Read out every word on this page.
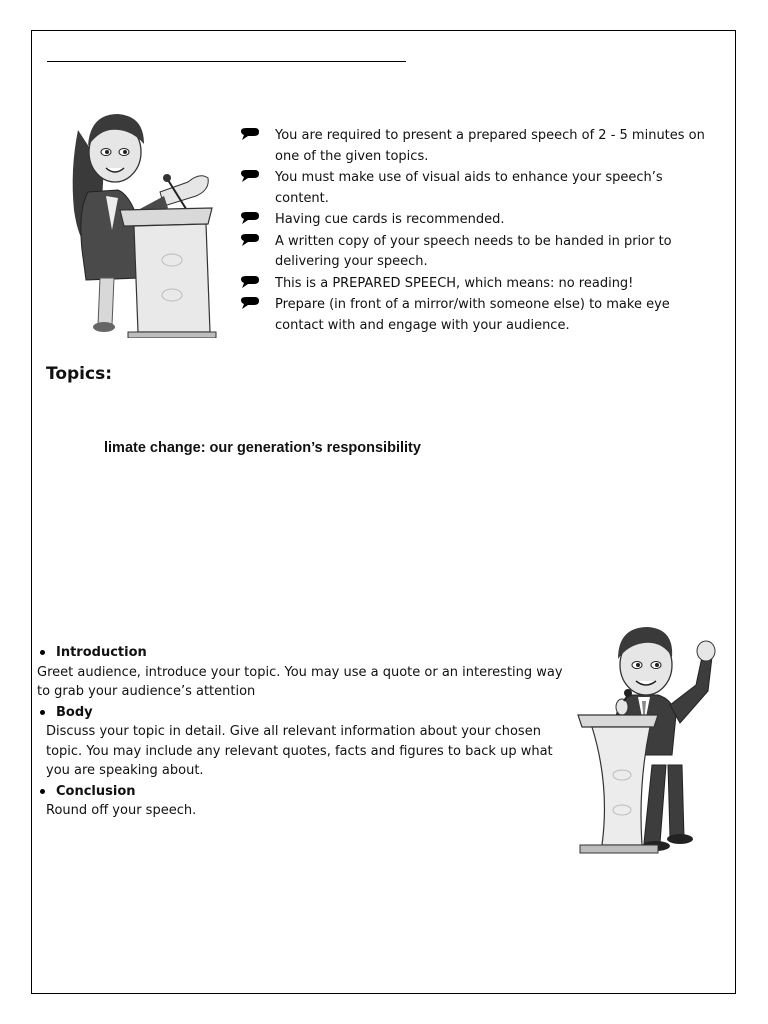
You are required to present a prepared speech of 2 - 5 minutes on one of the given topics.
You must make use of visual aids to enhance your speech’s content.
Having cue cards is recommended.
A written copy of your speech needs to be handed in prior to delivering your speech.
This is a PREPARED SPEECH, which means: no reading!
Prepare (in front of a mirror/with someone else) to make eye contact with and engage with your audience.
Topics:
limate change: our generation’s responsibility
Introduction
Greet audience, introduce your topic. You may use a quote or an interesting way to grab your audience’s attention
Body
Discuss your topic in detail. Give all relevant information about your chosen topic. You may include any relevant quotes, facts and figures to back up what you are speaking about.
Conclusion
Round off your speech.
